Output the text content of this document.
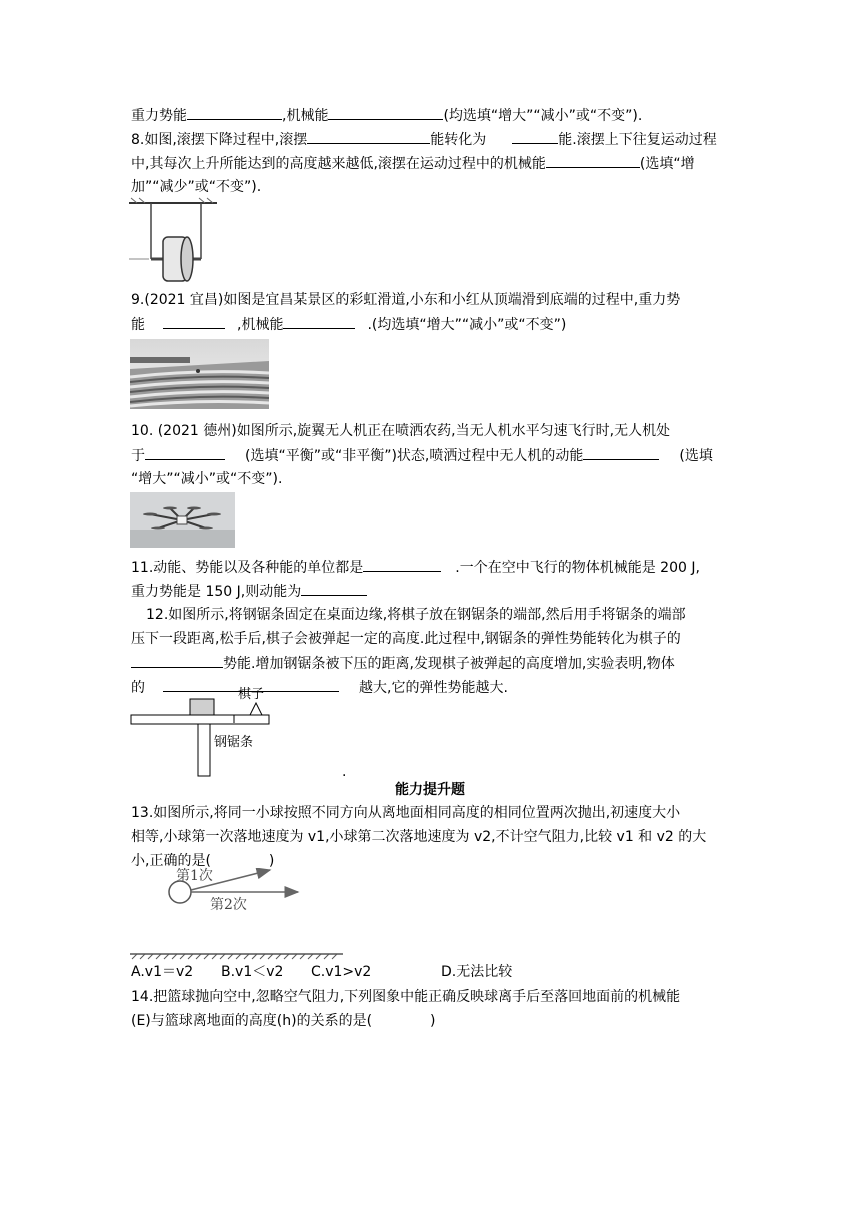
重力势能	,机械能	(均选填“增大”“减小”或“不变”).
8.如图,滚摆下降过程中,滚摆	能转化为	能.滚摆上下往复运动过程
中,其每次上升所能达到的高度越来越低,滚摆在运动过程中的机械能	(选填“增
加”“减少”或“不变”).
9.(2021 宜昌)如图是宜昌某景区的彩虹滑道,小东和小红从顶端滑到底端的过程中,重力势
能	,机械能	.(均选填“增大”“减小”或“不变”)
10. (2021 德州)如图所示,旋翼无人机正在喷洒农药,当无人机水平匀速飞行时,无人机处
于	(选填“平衡”或“非平衡”)状态,喷洒过程中无人机的动能	(选填
“增大”“减小”或“不变”).
11.动能、势能以及各种能的单位都是	.一个在空中飞行的物体机械能是 200 J,
重力势能是 150 J,则动能为
12.如图所示,将钢锯条固定在桌面边缘,将棋子放在钢锯条的端部,然后用手将锯条的端部
压下一段距离,松手后,棋子会被弹起一定的高度.此过程中,钢锯条的弹性势能转化为棋子的
势能.增加钢锯条被下压的距离,发现棋子被弹起的高度增加,实验表明,物体
的	越大,它的弹性势能越大.
棋子
钢锯条
.
能力提升题
13.如图所示,将同一小球按照不同方向从离地面相同高度的相同位置两次抛出,初速度大小
相等,小球第一次落地速度为 v1,小球第二次落地速度为 v2,不计空气阻力,比较 v1 和 v2 的大
小,正确的是(	)
第1次
第2次
A.v1＝v2 B.v1＜v2 C.v1>v2	D.无法比较
14.把篮球抛向空中,忽略空气阻力,下列图象中能正确反映球离手后至落回地面前的机械能
(E)与篮球离地面的高度(h)的关系的是(	)
